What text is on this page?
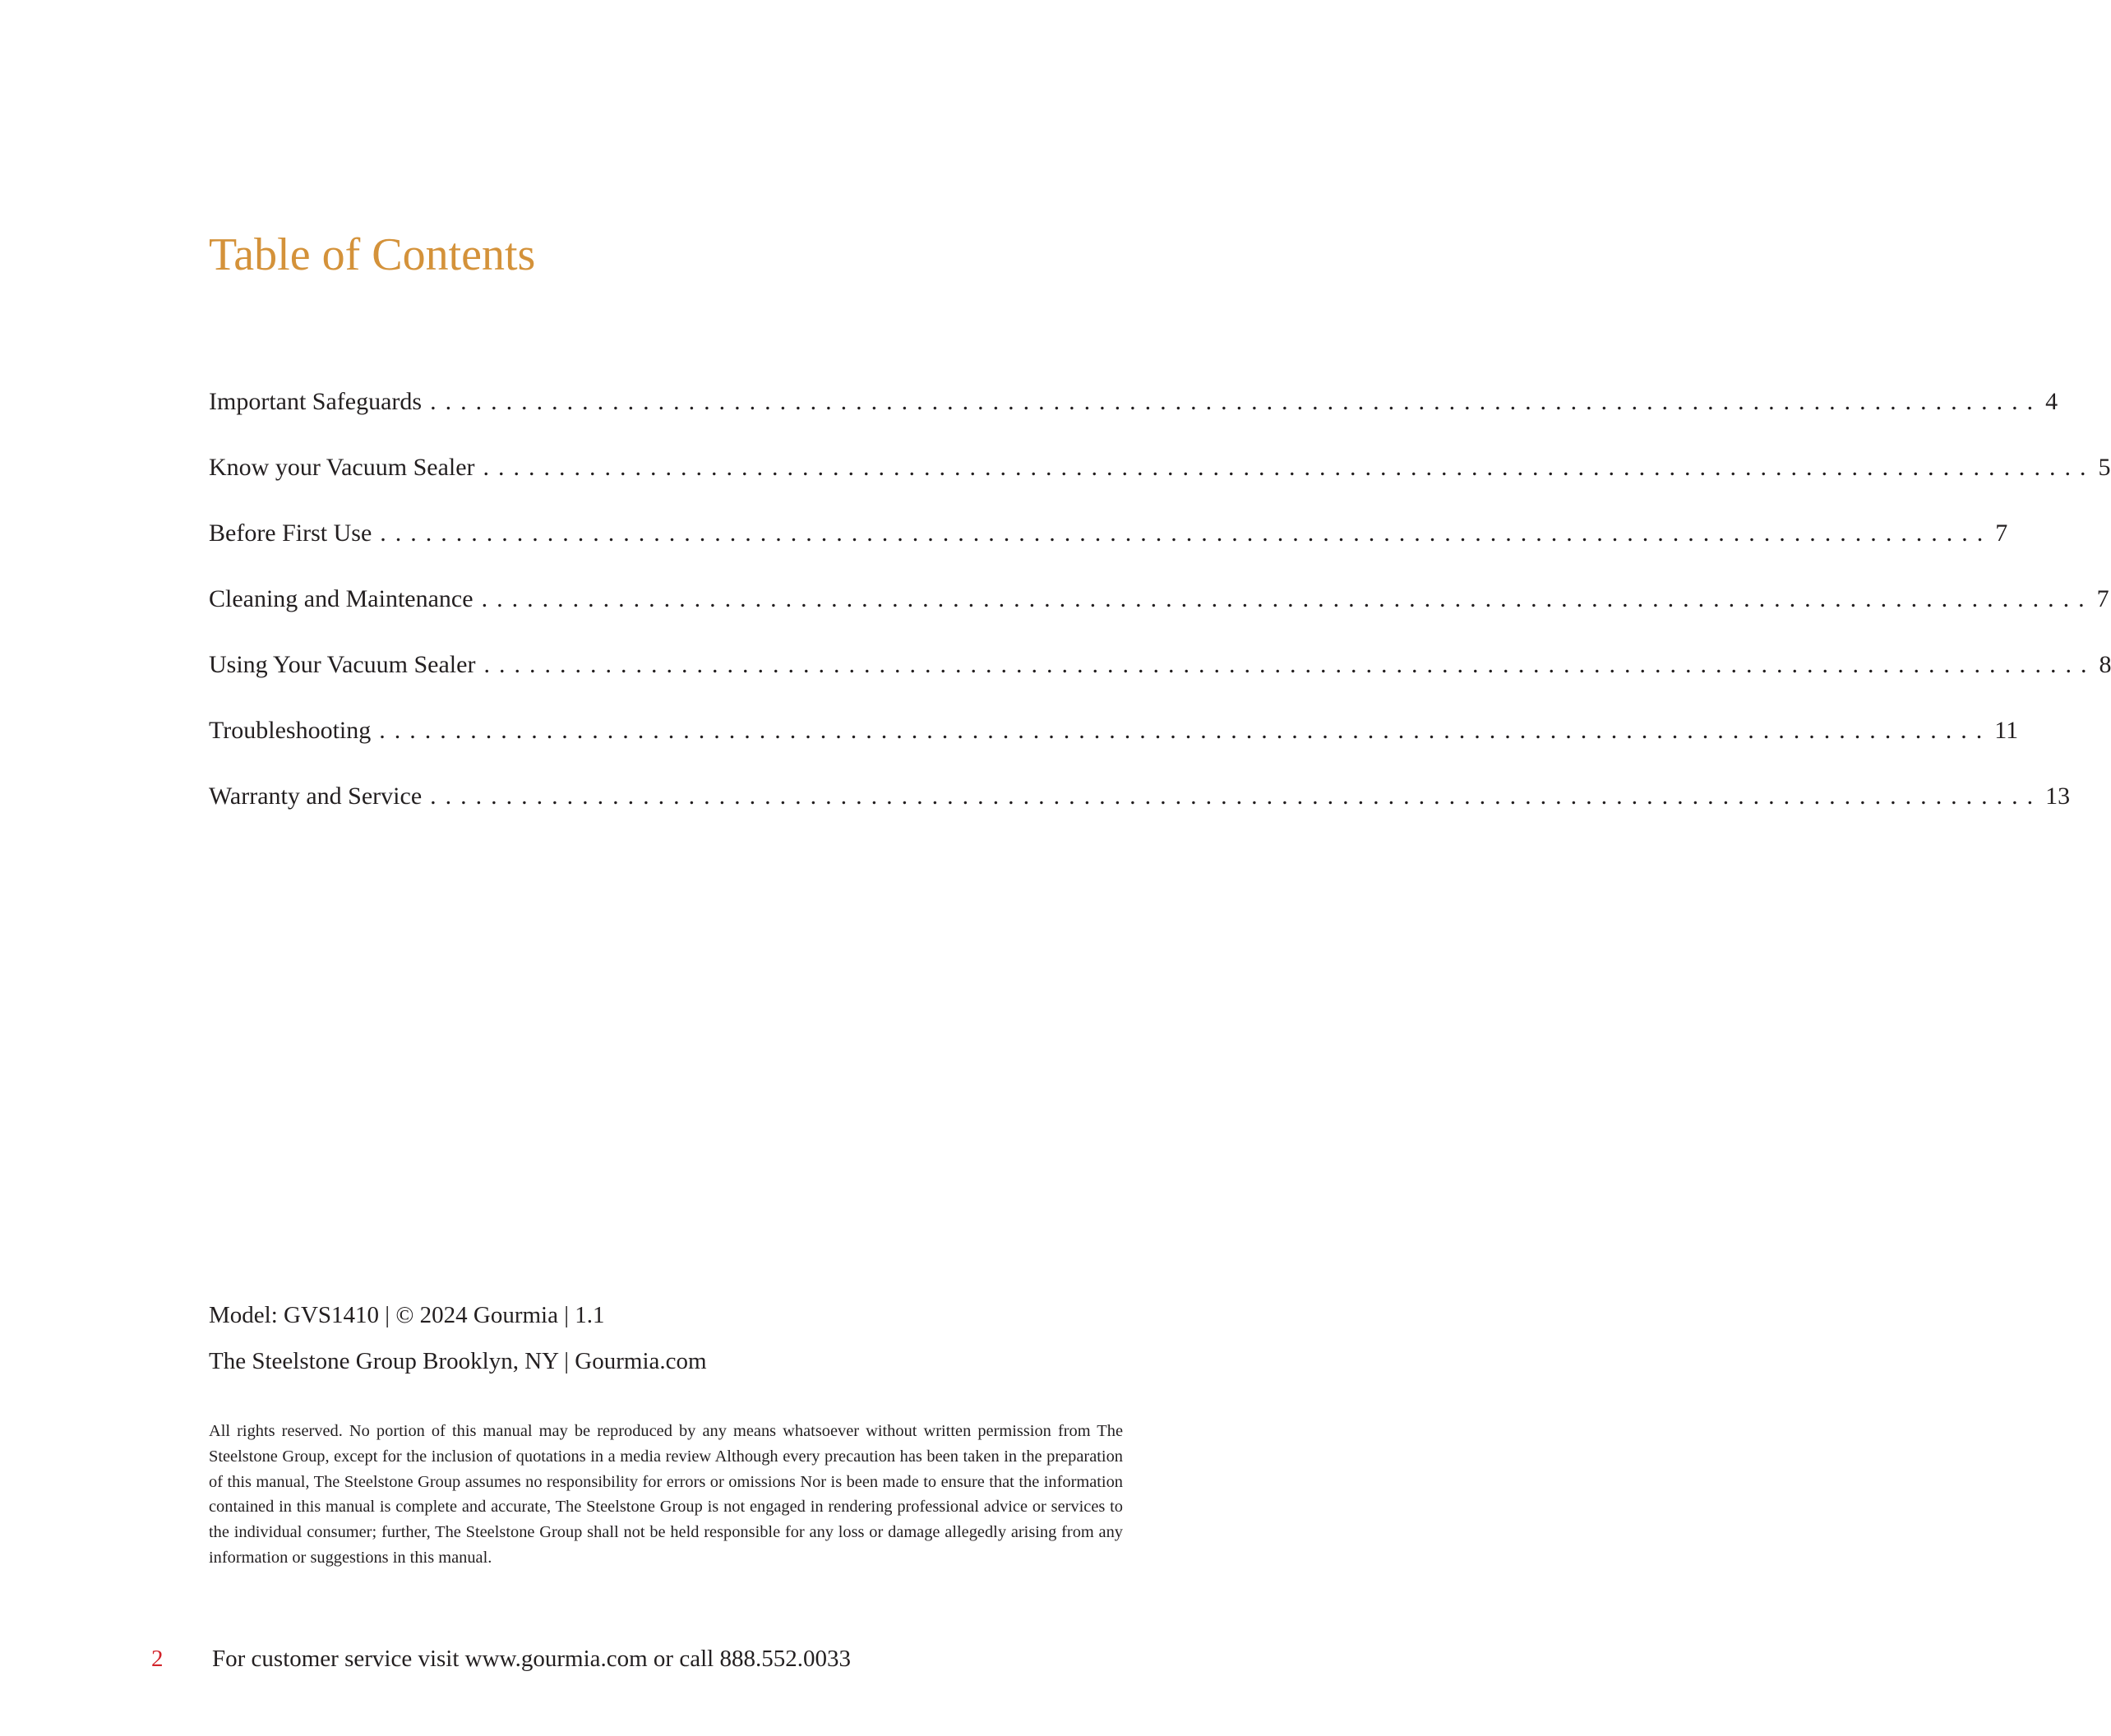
Table of Contents
Important Safeguards .......................................................................................................... 4
Know your Vacuum Sealer .......................................................................................................... 5
Before First Use .......................................................................................................... 7
Cleaning and Maintenance .......................................................................................................... 7
Using Your Vacuum Sealer .......................................................................................................... 8
Troubleshooting .......................................................................................................... 11
Warranty and Service .......................................................................................................... 13
Model: GVS1410 | © 2024 Gourmia | 1.1
The Steelstone Group Brooklyn, NY | Gourmia.com

All rights reserved. No portion of this manual may be reproduced by any means whatsoever without written permission from The Steelstone Group, except for the inclusion of quotations in a media review Although every precaution has been taken in the preparation of this manual, The Steelstone Group assumes no responsibility for errors or omissions Nor is been made to ensure that the information contained in this manual is complete and accurate, The Steelstone Group is not engaged in rendering professional advice or services to the individual consumer; further, The Steelstone Group shall not be held responsible for any loss or damage allegedly arising from any information or suggestions in this manual.

2 For customer service visit www.gourmia.com or call 888.552.0033
